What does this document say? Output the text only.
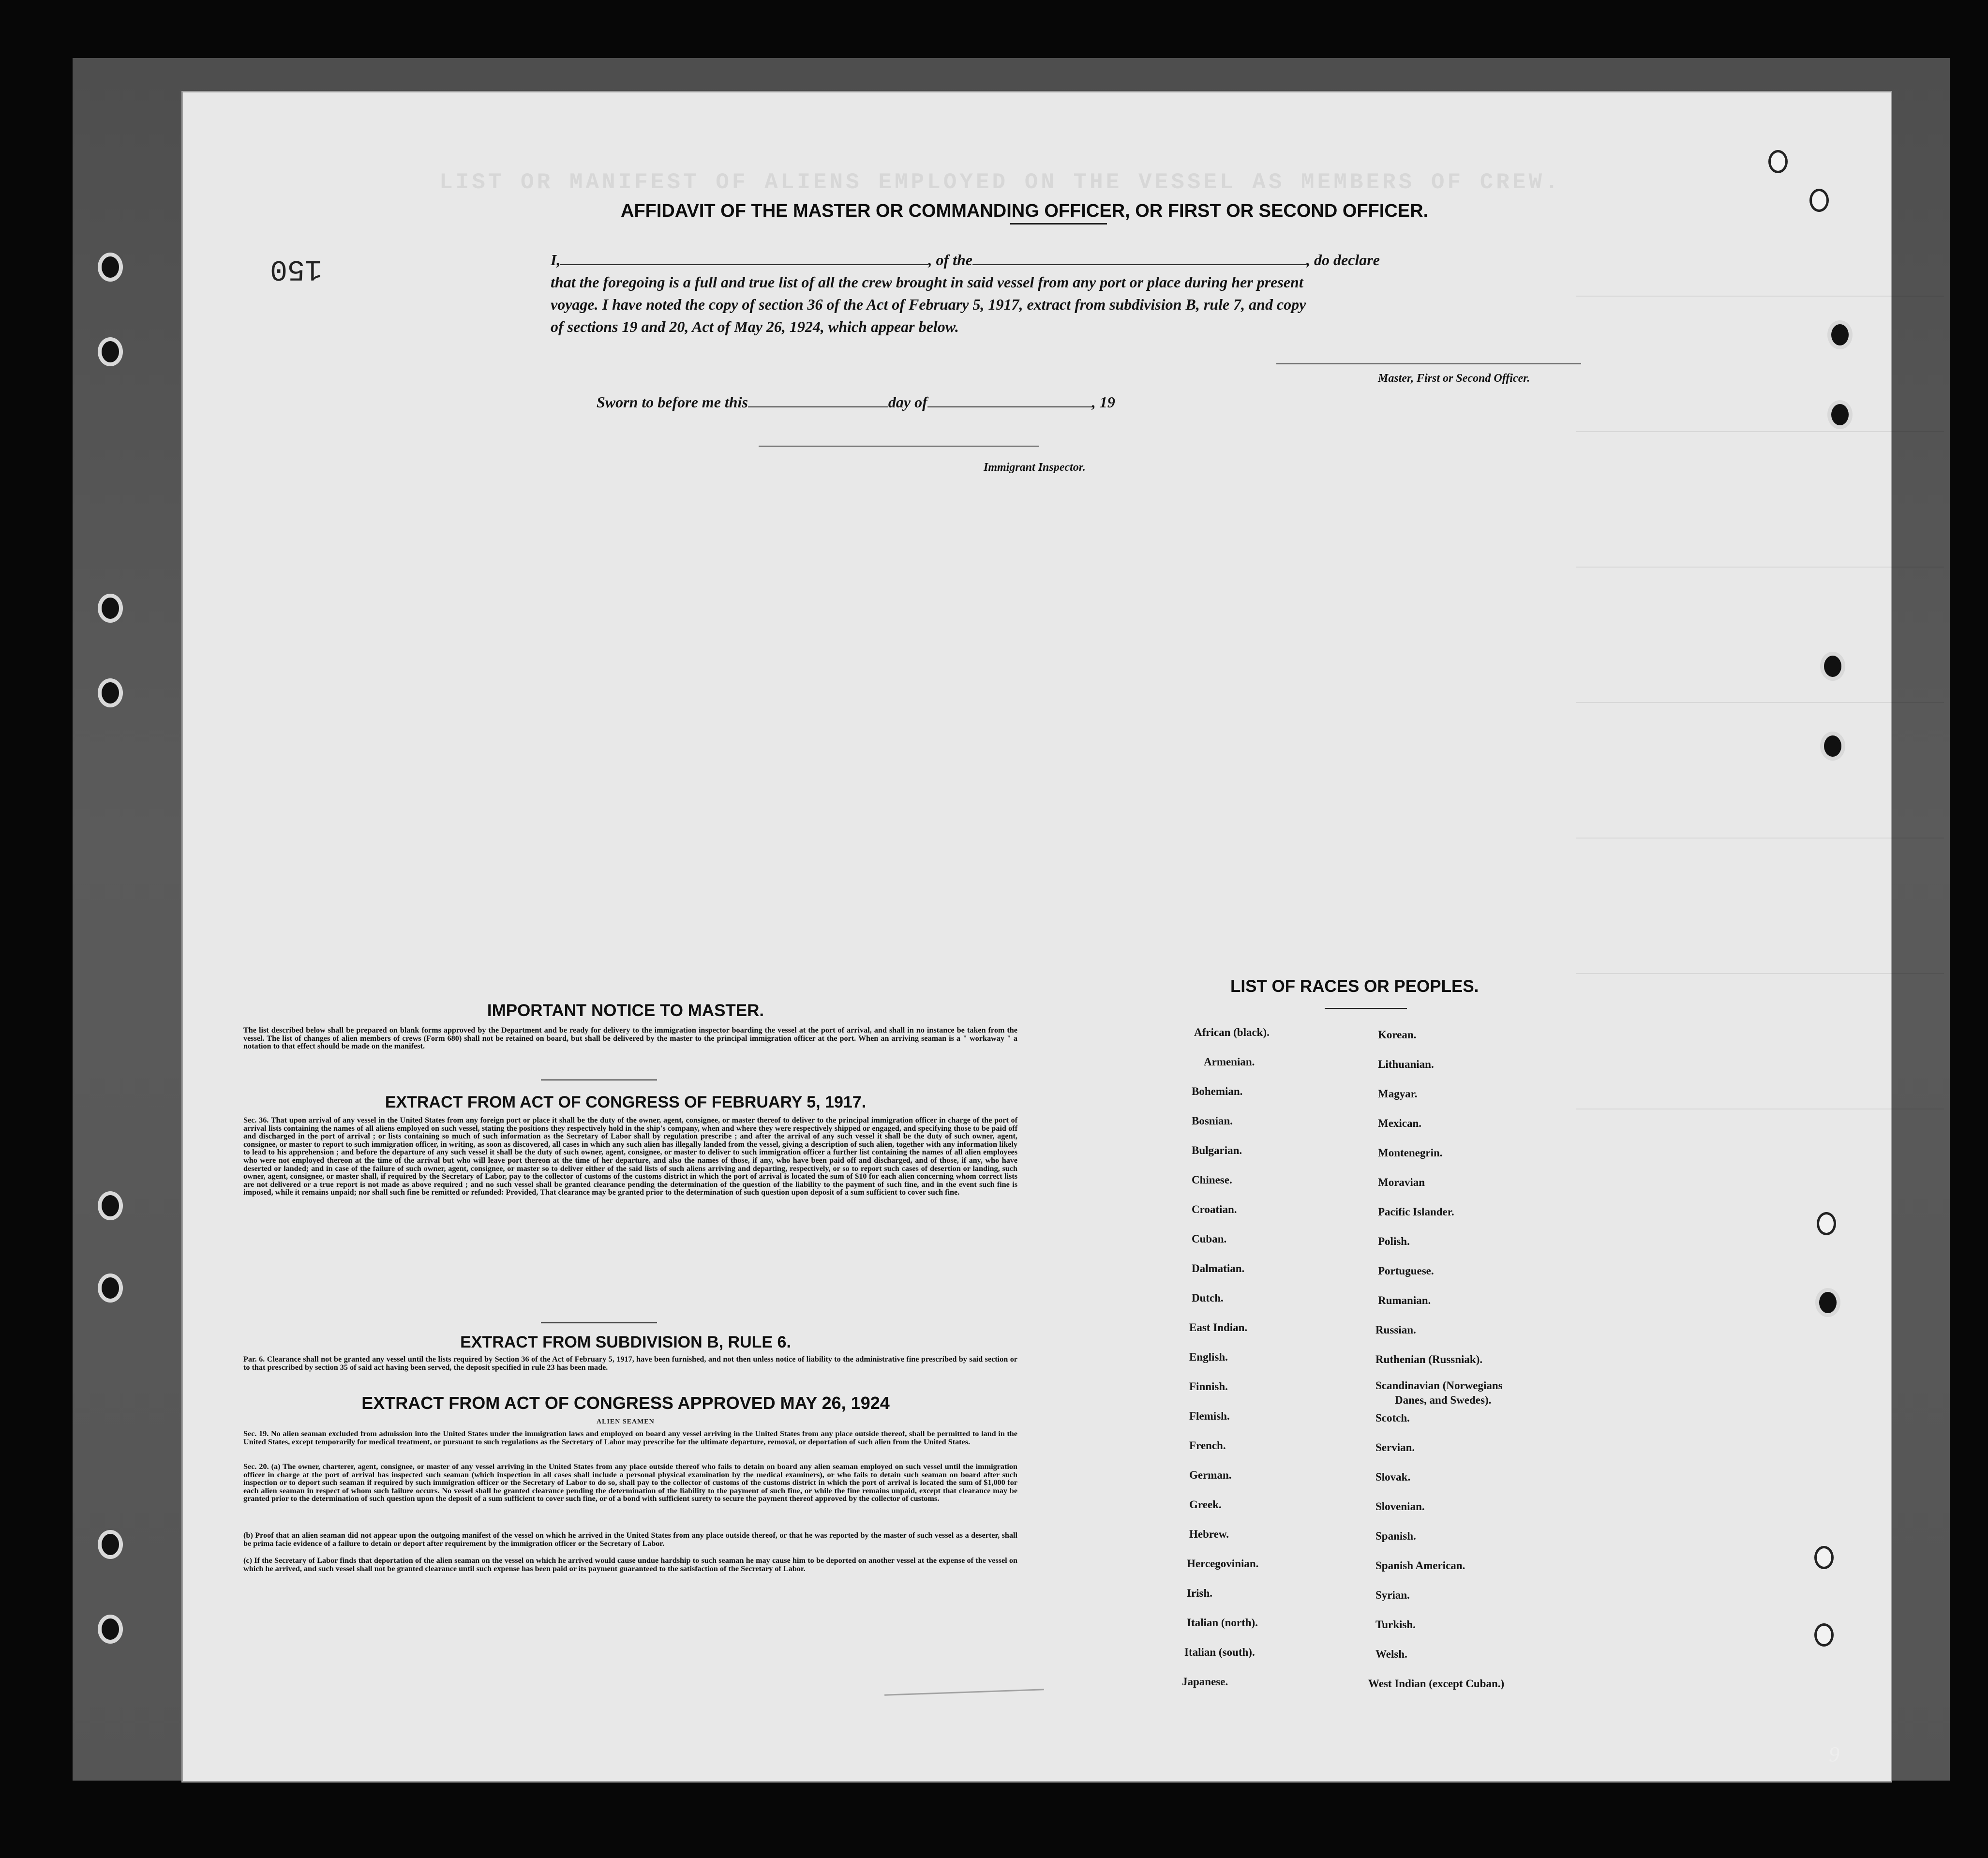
LIST OR MANIFEST OF ALIENS EMPLOYED ON THE VESSEL AS MEMBERS OF CREW.
150
AFFIDAVIT OF THE MASTER OR COMMANDING OFFICER, OR FIRST OR SECOND OFFICER.
I,	, of the	, do declare
that the foregoing is a full and true list of all the crew brought in said vessel from any port or place during her present
voyage. I have noted the copy of section 36 of the Act of February 5, 1917, extract from subdivision B, rule 7, and copy
of sections 19 and 20, Act of May 26, 1924, which appear below.
Master, First or Second Officer.
Sworn to before me this	day of	, 19
Immigrant Inspector.
IMPORTANT NOTICE TO MASTER.
The list described below shall be prepared on blank forms approved by the Department and be ready for delivery to the immigration inspector boarding the vessel at the port of arrival, and shall in no instance be taken from the vessel. The list of changes of alien members of crews (Form 680) shall not be retained on board, but shall be delivered by the master to the principal immigration officer at the port. When an arriving seaman is a " workaway " a notation to that effect should be made on the manifest.
EXTRACT FROM ACT OF CONGRESS OF FEBRUARY 5, 1917.
Sec. 36. That upon arrival of any vessel in the United States from any foreign port or place it shall be the duty of the owner, agent, consignee, or master thereof to deliver to the principal immigration officer in charge of the port of arrival lists containing the names of all aliens employed on such vessel, stating the positions they respectively hold in the ship's company, when and where they were respectively shipped or engaged, and specifying those to be paid off and discharged in the port of arrival ; or lists containing so much of such information as the Secretary of Labor shall by regulation prescribe ; and after the arrival of any such vessel it shall be the duty of such owner, agent, consignee, or master to report to such immigration officer, in writing, as soon as discovered, all cases in which any such alien has illegally landed from the vessel, giving a description of such alien, together with any information likely to lead to his apprehension ; and before the departure of any such vessel it shall be the duty of such owner, agent, consignee, or master to deliver to such immigration officer a further list containing the names of all alien employees who were not employed thereon at the time of the arrival but who will leave port thereon at the time of her departure, and also the names of those, if any, who have been paid off and discharged, and of those, if any, who have deserted or landed; and in case of the failure of such owner, agent, consignee, or master so to deliver either of the said lists of such aliens arriving and departing, respectively, or so to report such cases of desertion or landing, such owner, agent, consignee, or master shall, if required by the Secretary of Labor, pay to the collector of customs of the customs district in which the port of arrival is located the sum of $10 for each alien concerning whom correct lists are not delivered or a true report is not made as above required ; and no such vessel shall be granted clearance pending the determination of the question of the liability to the payment of such fine, and in the event such fine is imposed, while it remains unpaid; nor shall such fine be remitted or refunded: Provided, That clearance may be granted prior to the determination of such question upon deposit of a sum sufficient to cover such fine.
EXTRACT FROM SUBDIVISION B, RULE 6.
Par. 6. Clearance shall not be granted any vessel until the lists required by Section 36 of the Act of February 5, 1917, have been furnished, and not then unless notice of liability to the administrative fine prescribed by said section or to that prescribed by section 35 of said act having been served, the deposit specified in rule 23 has been made.
EXTRACT FROM ACT OF CONGRESS APPROVED MAY 26, 1924
ALIEN SEAMEN
Sec. 19. No alien seaman excluded from admission into the United States under the immigration laws and employed on board any vessel arriving in the United States from any place outside thereof, shall be permitted to land in the United States, except temporarily for medical treatment, or pursuant to such regulations as the Secretary of Labor may prescribe for the ultimate departure, removal, or deportation of such alien from the United States.
Sec. 20. (a) The owner, charterer, agent, consignee, or master of any vessel arriving in the United States from any place outside thereof who fails to detain on board any alien seaman employed on such vessel until the immigration officer in charge at the port of arrival has inspected such seaman (which inspection in all cases shall include a personal physical examination by the medical examiners), or who fails to detain such seaman on board after such inspection or to deport such seaman if required by such immigration officer or the Secretary of Labor to do so, shall pay to the collector of customs of the customs district in which the port of arrival is located the sum of $1,000 for each alien seaman in respect of whom such failure occurs. No vessel shall be granted clearance pending the determination of the liability to the payment of such fine, or while the fine remains unpaid, except that clearance may be granted prior to the determination of such question upon the deposit of a sum sufficient to cover such fine, or of a bond with sufficient surety to secure the payment thereof approved by the collector of customs.
(b) Proof that an alien seaman did not appear upon the outgoing manifest of the vessel on which he arrived in the United States from any place outside thereof, or that he was reported by the master of such vessel as a deserter, shall be prima facie evidence of a failure to detain or deport after requirement by the immigration officer or the Secretary of Labor.
(c) If the Secretary of Labor finds that deportation of the alien seaman on the vessel on which he arrived would cause undue hardship to such seaman he may cause him to be deported on another vessel at the expense of the vessel on which he arrived, and such vessel shall not be granted clearance until such expense has been paid or its payment guaranteed to the satisfaction of the Secretary of Labor.
LIST OF RACES OR PEOPLES.
African (black).
Armenian.
Bohemian.
Bosnian.
Bulgarian.
Chinese.
Croatian.
Cuban.
Dalmatian.
Dutch.
East Indian.
English.
Finnish.
Flemish.
French.
German.
Greek.
Hebrew.
Hercegovinian.
Irish.
Italian (north).
Italian (south).
Japanese.
Korean.
Lithuanian.
Magyar.
Mexican.
Montenegrin.
Moravian
Pacific Islander.
Polish.
Portuguese.
Rumanian.
Russian.
Ruthenian (Russniak).
Scandinavian (Norwegians
Danes, and Swedes).
Scotch.
Servian.
Slovak.
Slovenian.
Spanish.
Spanish American.
Syrian.
Turkish.
Welsh.
West Indian (except Cuban.)
9
